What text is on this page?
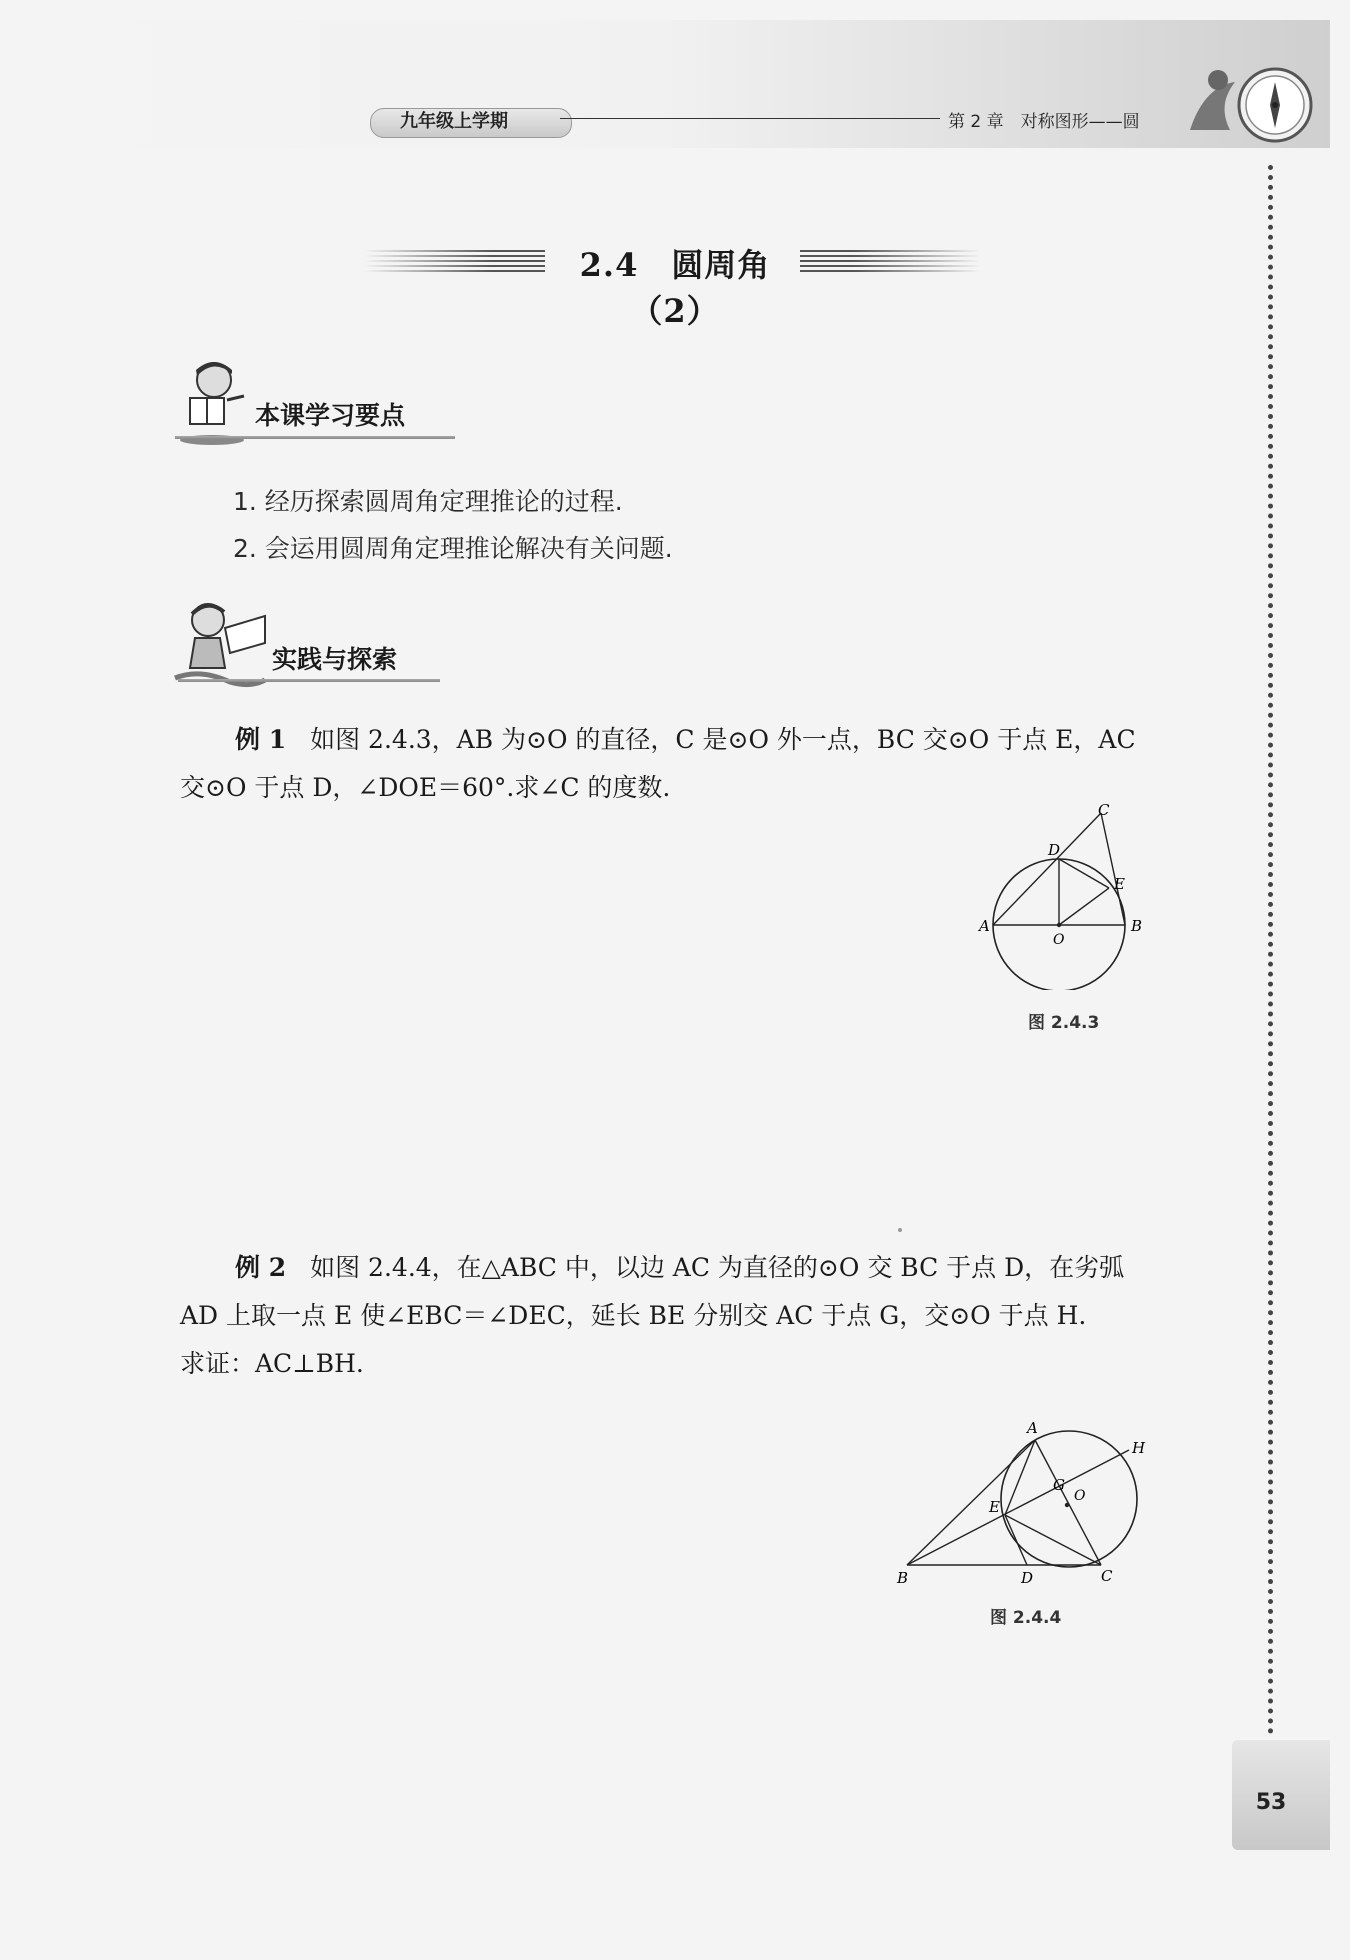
九年级上学期	第 2 章　对称图形——圆
2.4　圆周角（2）
本课学习要点
1. 经历探索圆周角定理推论的过程.
2. 会运用圆周角定理推论解决有关问题.
实践与探索

例 1 如图 2.4.3，AB 为⊙O 的直径，C 是⊙O 外一点，BC 交⊙O 于点 E，AC

交⊙O 于点 D，∠DOE＝60°.求∠C 的度数.

A	B
C
D
E
O
图 2.4.3

例 2 如图 2.4.4，在△ABC 中，以边 AC 为直径的⊙O 交 BC 于点 D，在劣弧

AD 上取一点 E 使∠EBC＝∠DEC，延长 BE 分别交 AC 于点 G，交⊙O 于点 H.

求证：AC⊥BH.

A
B	C
D
E
G
H
O
图 2.4.4
53
